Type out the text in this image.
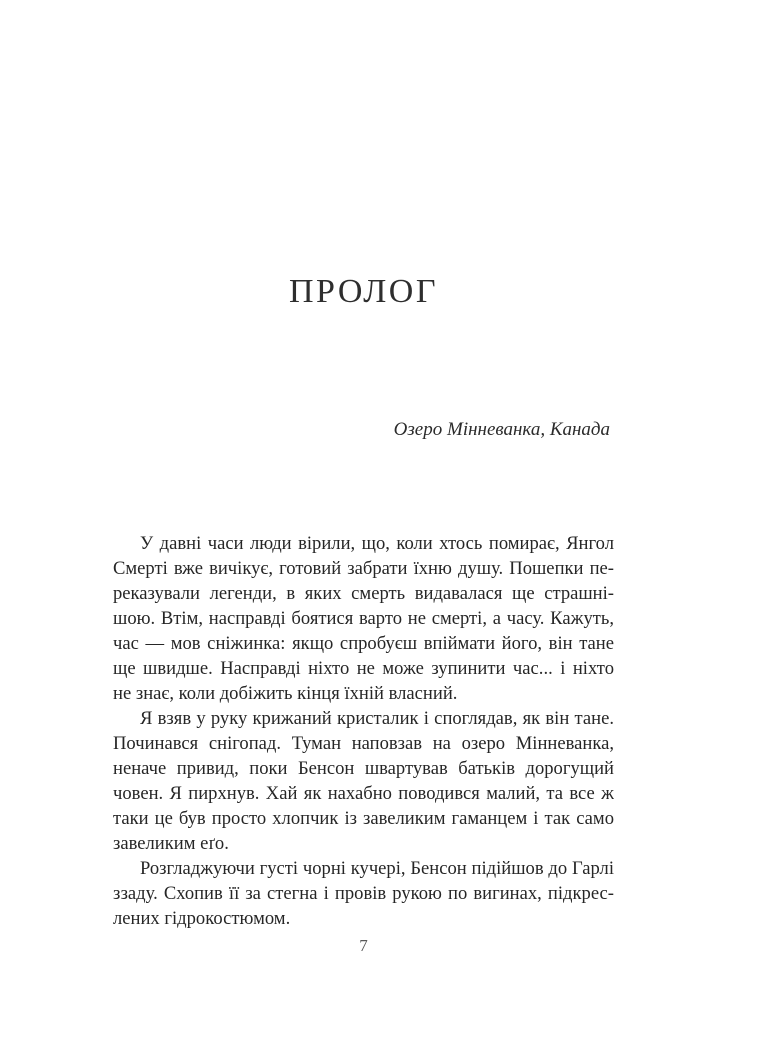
ПРОЛОГ
Озеро Мінневанка, Канада
У давні часи люди вірили, що, коли хтось помирає, Янгол
Смерті вже вичікує, готовий забрати їхню душу. Пошепки пе-
реказували легенди, в яких смерть видавалася ще страшні-
шою. Втім, насправді боятися варто не смерті, а часу. Кажуть,
час — мов сніжинка: якщо спробуєш впіймати його, він тане
ще швидше. Насправді ніхто не може зупинити час... і ніхто
не знає, коли добіжить кінця їхній власний.
Я взяв у руку крижаний кристалик і споглядав, як він тане.
Починався снігопад. Туман наповзав на озеро Мінневанка,
неначе привид, поки Бенсон швартував батьків дорогущий
човен. Я пирхнув. Хай як нахабно поводився малий, та все ж
таки це був просто хлопчик із завеликим гаманцем і так само
завеликим еґо.
Розгладжуючи густі чорні кучері, Бенсон підійшов до Гарлі
ззаду. Схопив її за стегна і провів рукою по вигинах, підкрес-
лених гідрокостюмом.
7
